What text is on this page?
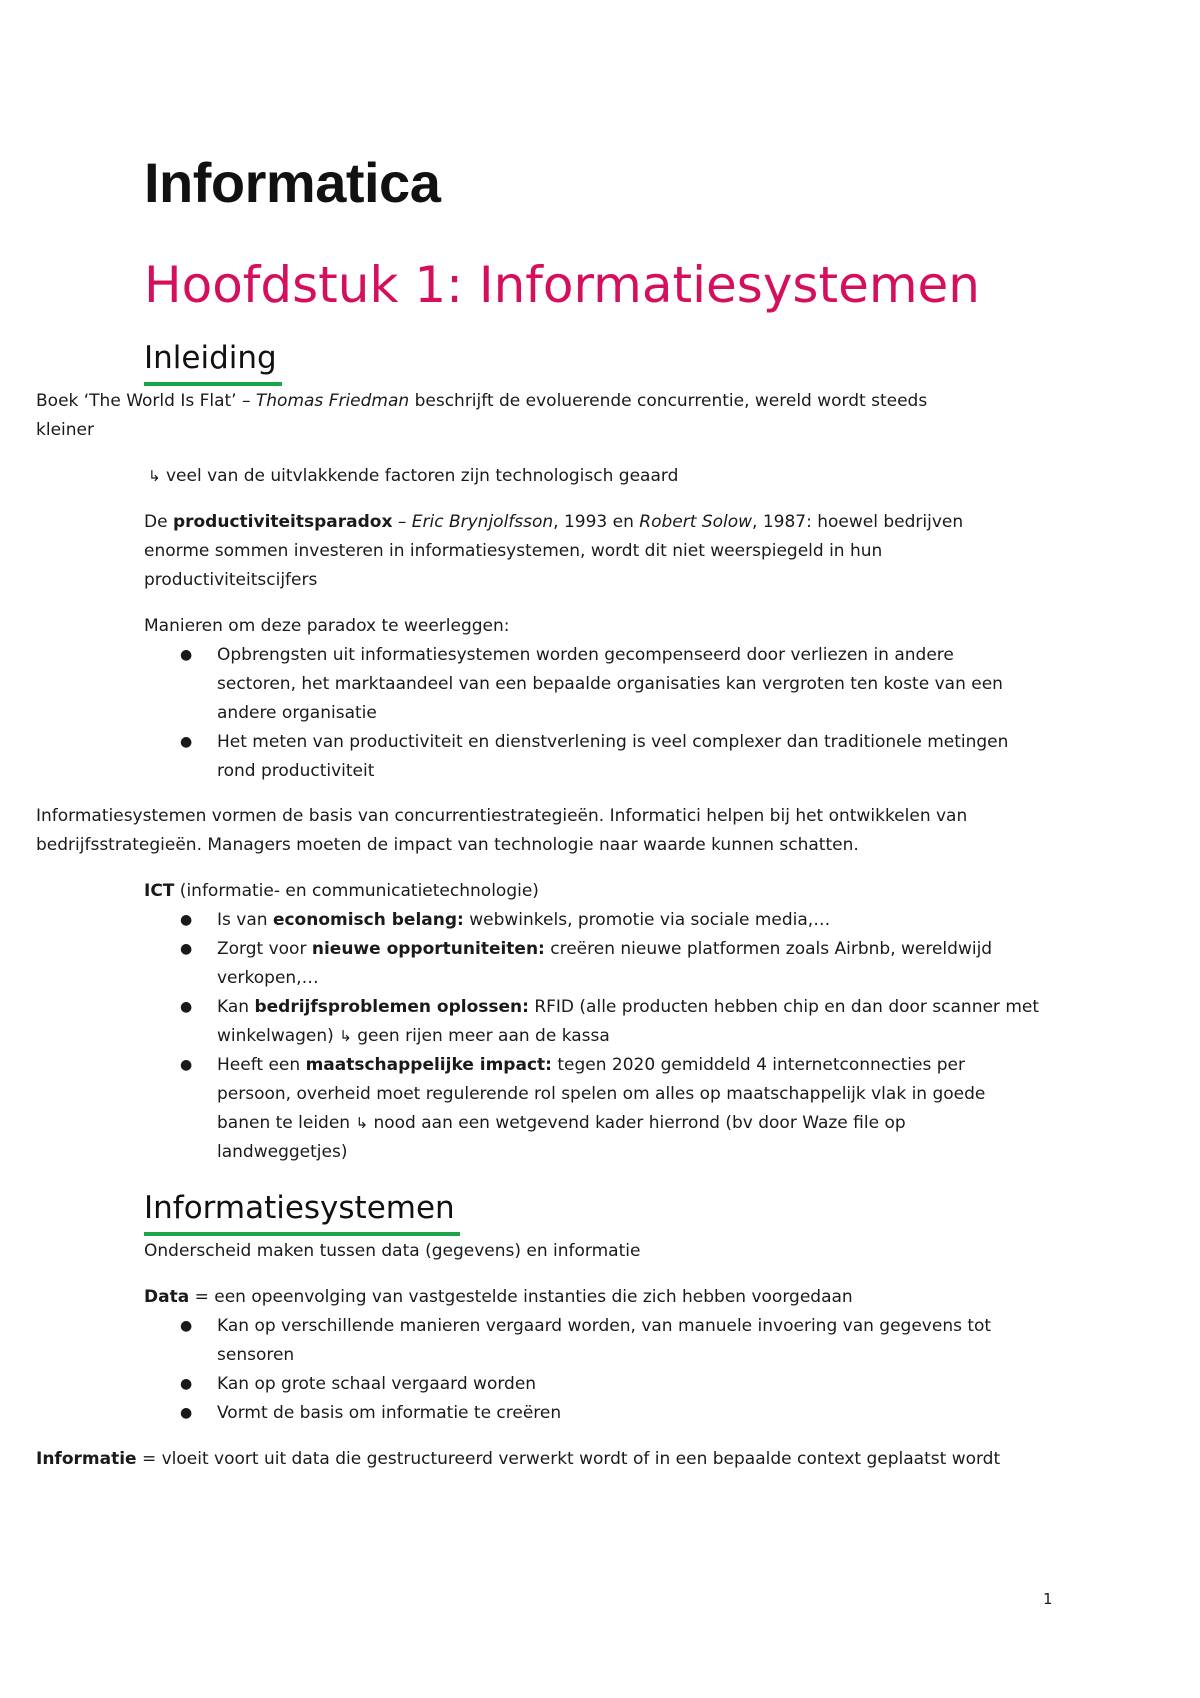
Informatica
Hoofdstuk 1: Informatiesystemen
Inleiding
Boek ‘The World Is Flat’ – Thomas Friedman beschrijft de evoluerende concurrentie, wereld wordt steeds
kleiner
↳ veel van de uitvlakkende factoren zijn technologisch geaard
De productiviteitsparadox – Eric Brynjolfsson, 1993 en Robert Solow, 1987: hoewel bedrijven
enorme sommen investeren in informatiesystemen, wordt dit niet weerspiegeld in hun
productiviteitscijfers
Manieren om deze paradox te weerleggen:
● Opbrengsten uit informatiesystemen worden gecompenseerd door verliezen in andere
sectoren, het marktaandeel van een bepaalde organisaties kan vergroten ten koste van een
andere organisatie
● Het meten van productiviteit en dienstverlening is veel complexer dan traditionele metingen
rond productiviteit
Informatiesystemen vormen de basis van concurrentiestrategieën. Informatici helpen bij het ontwikkelen van
bedrijfsstrategieën. Managers moeten de impact van technologie naar waarde kunnen schatten.
ICT (informatie- en communicatietechnologie)
● Is van economisch belang: webwinkels, promotie via sociale media,…
● Zorgt voor nieuwe opportuniteiten: creëren nieuwe platformen zoals Airbnb, wereldwijd
verkopen,…
● Kan bedrijfsproblemen oplossen: RFID (alle producten hebben chip en dan door scanner met
winkelwagen) ↳ geen rijen meer aan de kassa
● Heeft een maatschappelijke impact: tegen 2020 gemiddeld 4 internetconnecties per
persoon, overheid moet regulerende rol spelen om alles op maatschappelijk vlak in goede
banen te leiden ↳ nood aan een wetgevend kader hierrond (bv door Waze file op
landweggetjes)
Informatiesystemen
Onderscheid maken tussen data (gegevens) en informatie
Data = een opeenvolging van vastgestelde instanties die zich hebben voorgedaan
● Kan op verschillende manieren vergaard worden, van manuele invoering van gegevens tot
sensoren
● Kan op grote schaal vergaard worden
● Vormt de basis om informatie te creëren
Informatie = vloeit voort uit data die gestructureerd verwerkt wordt of in een bepaalde context geplaatst wordt
1
